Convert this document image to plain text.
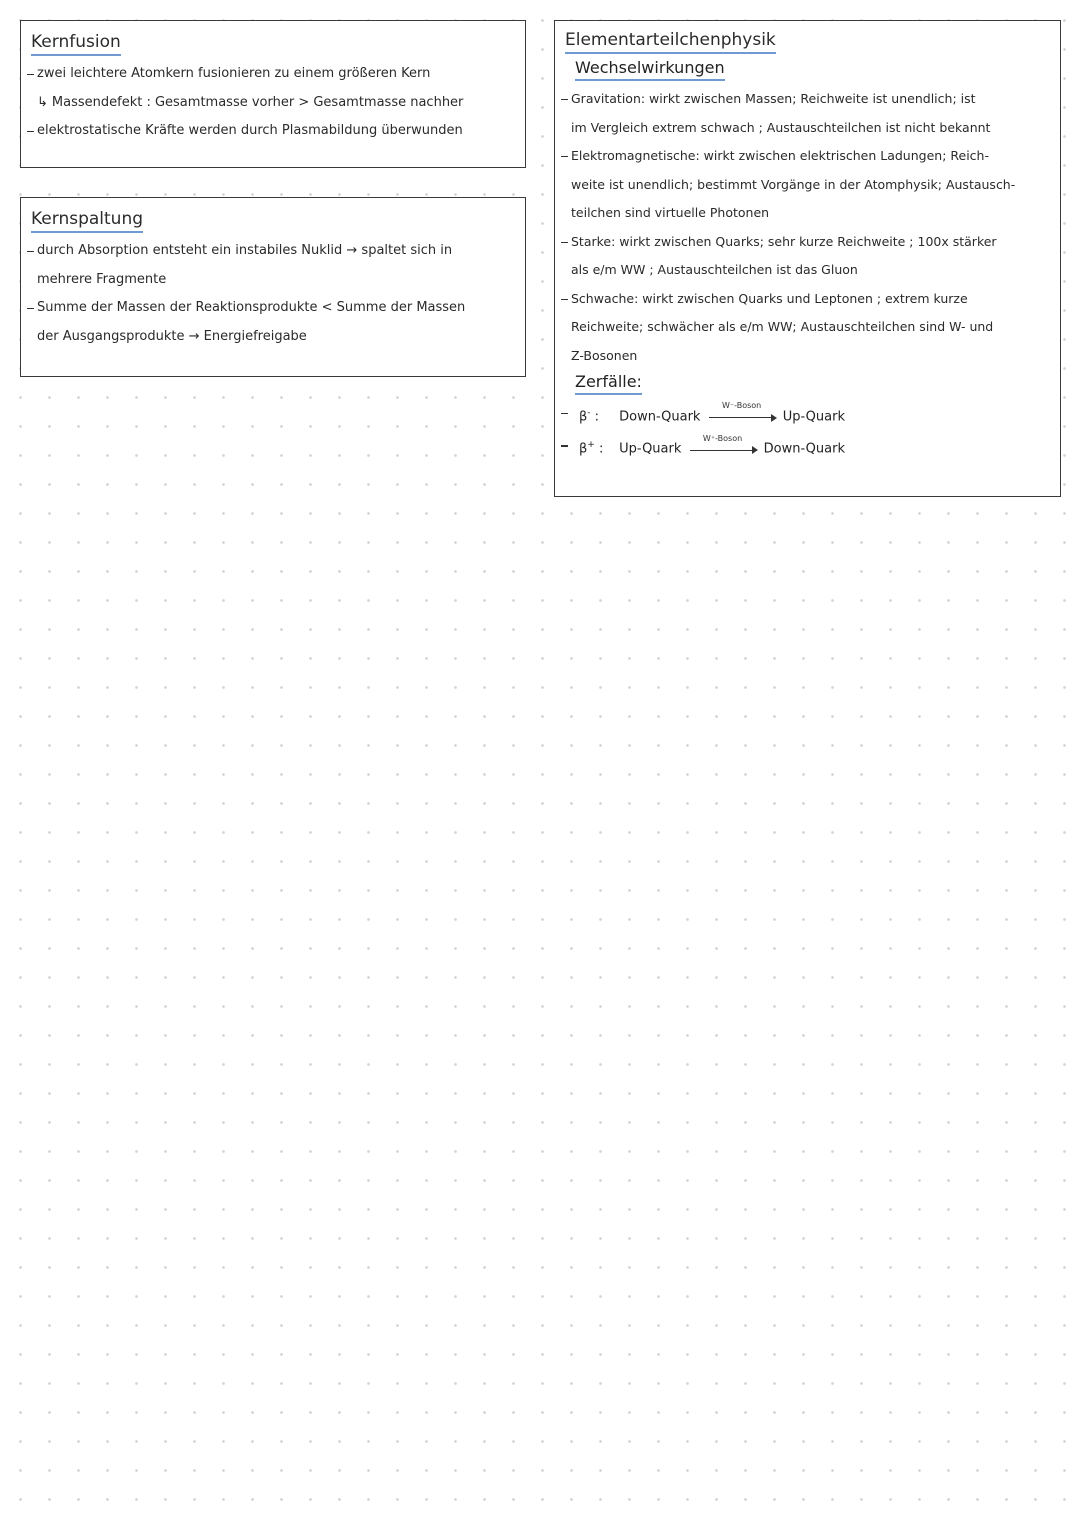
Kernfusion
zwei leichtere Atomkern fusionieren zu einem größeren Kern
↳ Massendefekt : Gesamtmasse vorher > Gesamtmasse nachher
elektrostatische Kräfte werden durch Plasmabildung überwunden
Kernspaltung
durch Absorption entsteht ein instabiles Nuklid → spaltet sich in
mehrere Fragmente
Summe der Massen der Reaktionsprodukte < Summe der Massen
der Ausgangsprodukte → Energiefreigabe
Elementarteilchenphysik
Wechselwirkungen
Gravitation: wirkt zwischen Massen; Reichweite ist unendlich; ist
im Vergleich extrem schwach ; Austauschteilchen ist nicht bekannt
Elektromagnetische: wirkt zwischen elektrischen Ladungen; Reich-
weite ist unendlich; bestimmt Vorgänge in der Atomphysik; Austausch-
teilchen sind virtuelle Photonen
Starke: wirkt zwischen Quarks; sehr kurze Reichweite ; 100x stärker
als e/m WW ; Austauschteilchen ist das Gluon
Schwache: wirkt zwischen Quarks und Leptonen ; extrem kurze
Reichweite; schwächer als e/m WW; Austauschteilchen sind W- und
Z-Bosonen
Zerfälle:
β- : Down-Quark
W⁻-Boson
Up-Quark
β+ : Up-Quark
W⁺-Boson
Down-Quark
